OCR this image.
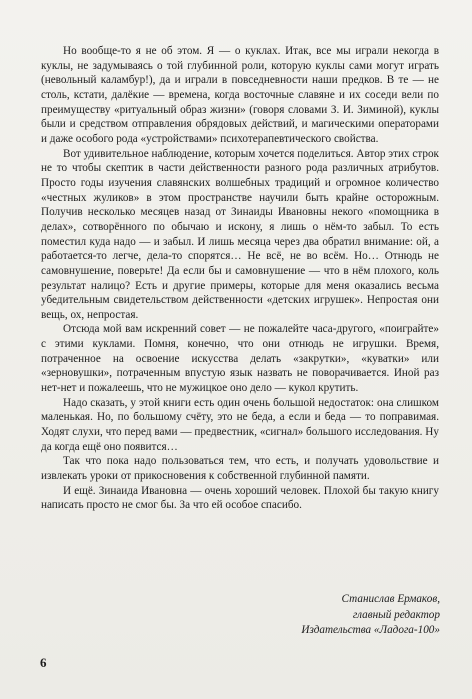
Но вообще-то я не об этом. Я — о куклах. Итак, все мы играли некогда в куклы, не задумываясь о той глубинной роли, которую куклы сами могут играть (невольный каламбур!), да и играли в повседневности наши предков. В те — не столь, кстати, далёкие — времена, когда восточные славяне и их соседи вели по преимуществу «ритуальный образ жизни» (говоря словами З. И. Зиминой), куклы были и средством отправления обрядовых действий, и магическими операторами и даже особого рода «устройствами» психотерапевтического свойства.

Вот удивительное наблюдение, которым хочется поделиться. Автор этих строк не то чтобы скептик в части действенности разного рода различных атрибутов. Просто годы изучения славянских волшебных традиций и огромное количество «честных жуликов» в этом пространстве научили быть крайне осторожным. Получив несколько месяцев назад от Зинаиды Ивановны некого «помощника в делах», сотворённого по обычаю и искону, я лишь о нём-то забыл. То есть поместил куда надо — и забыл. И лишь месяца через два обратил внимание: ой, а работается-то легче, дела-то спорятся… Не всё, не во всём. Но… Отнюдь не самовнушение, поверьте! Да если бы и самовнушение — что в нём плохого, коль результат налицо? Есть и другие примеры, которые для меня оказались весьма убедительным свидетельством действенности «детских игрушек». Непростая они вещь, ох, непростая.

Отсюда мой вам искренний совет — не пожалейте часа-другого, «поиграйте» с этими куклами. Помня, конечно, что они отнюдь не игрушки. Время, потраченное на освоение искусства делать «закрутки», «куватки» или «зерновушки», потраченным впустую язык назвать не поворачивается. Иной раз нет-нет и пожалеешь, что не мужицкое оно дело — кукол крутить.

Надо сказать, у этой книги есть один очень большой недостаток: она слишком маленькая. Но, по большому счёту, это не беда, а если и беда — то поправимая. Ходят слухи, что перед вами — предвестник, «сигнал» большого исследования. Ну да когда ещё оно появится…

Так что пока надо пользоваться тем, что есть, и получать удовольствие и извлекать уроки от прикосновения к собственной глубинной памяти.

И ещё. Зинаида Ивановна — очень хороший человек. Плохой бы такую книгу написать просто не смог бы. За что ей особое спасибо.

Станислав Ермаков,
главный редактор
Издательства «Ладога-100»
6
